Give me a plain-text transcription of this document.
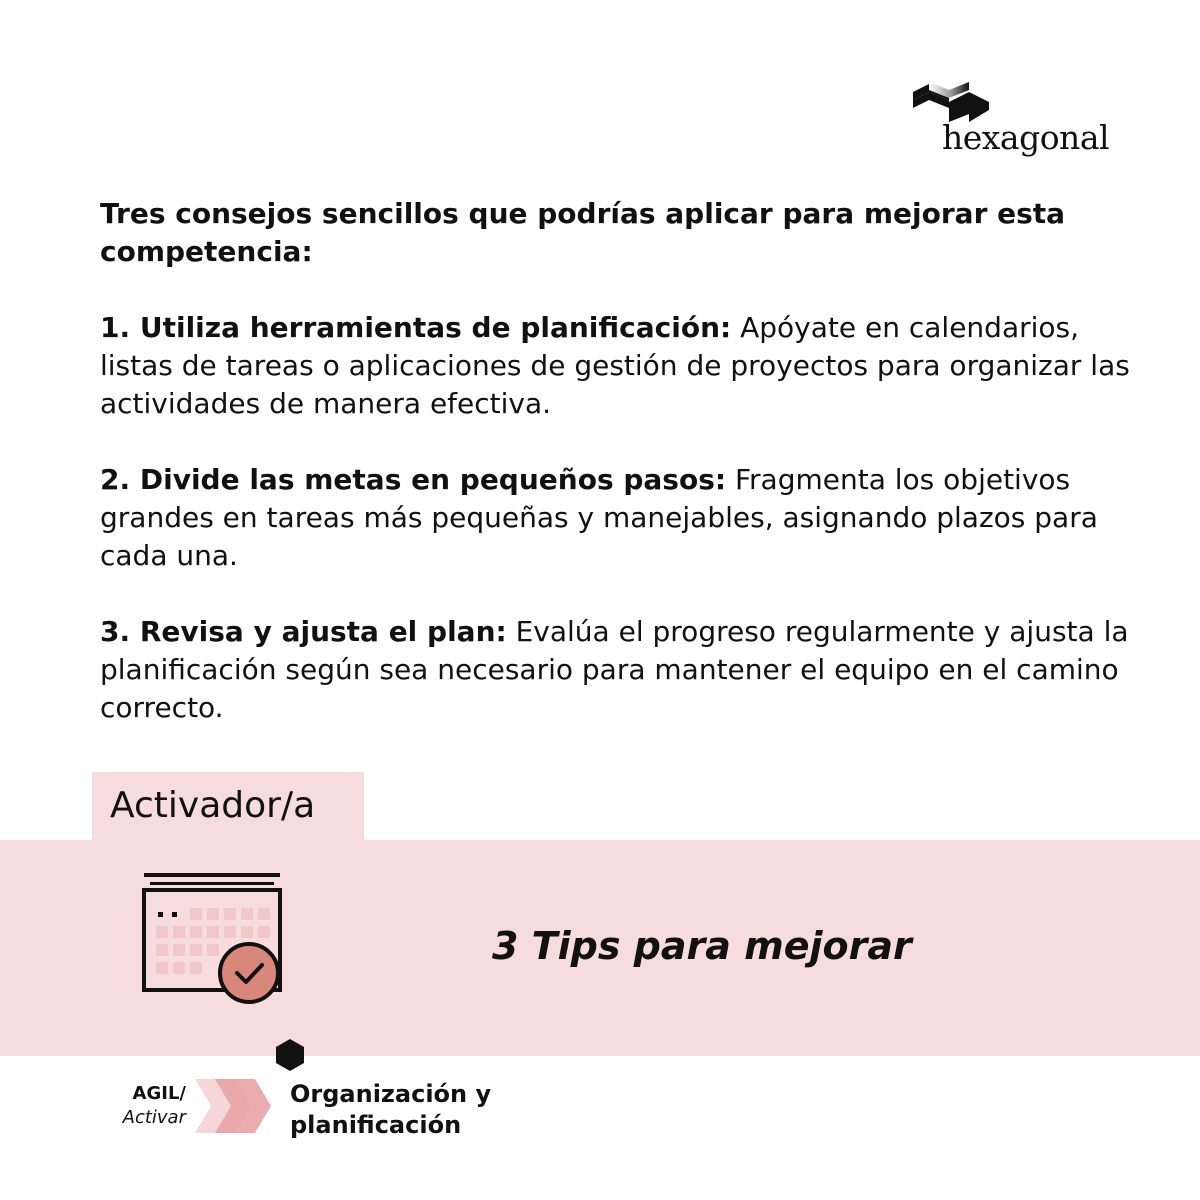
hexagonal

Tres consejos sencillos que podrías aplicar para mejorar esta competencia:

1. Utiliza herramientas de planificación: Apóyate en calendarios, listas de tareas o aplicaciones de gestión de proyectos para organizar las actividades de manera efectiva.

2. Divide las metas en pequeños pasos: Fragmenta los objetivos grandes en tareas más pequeñas y manejables, asignando plazos para cada una.

3. Revisa y ajusta el plan: Evalúa el progreso regularmente y ajusta la planificación según sea necesario para mantener el equipo en el camino correcto.

Activador/a
3 Tips para mejorar
AGIL/
Activar
Organización y planificación
